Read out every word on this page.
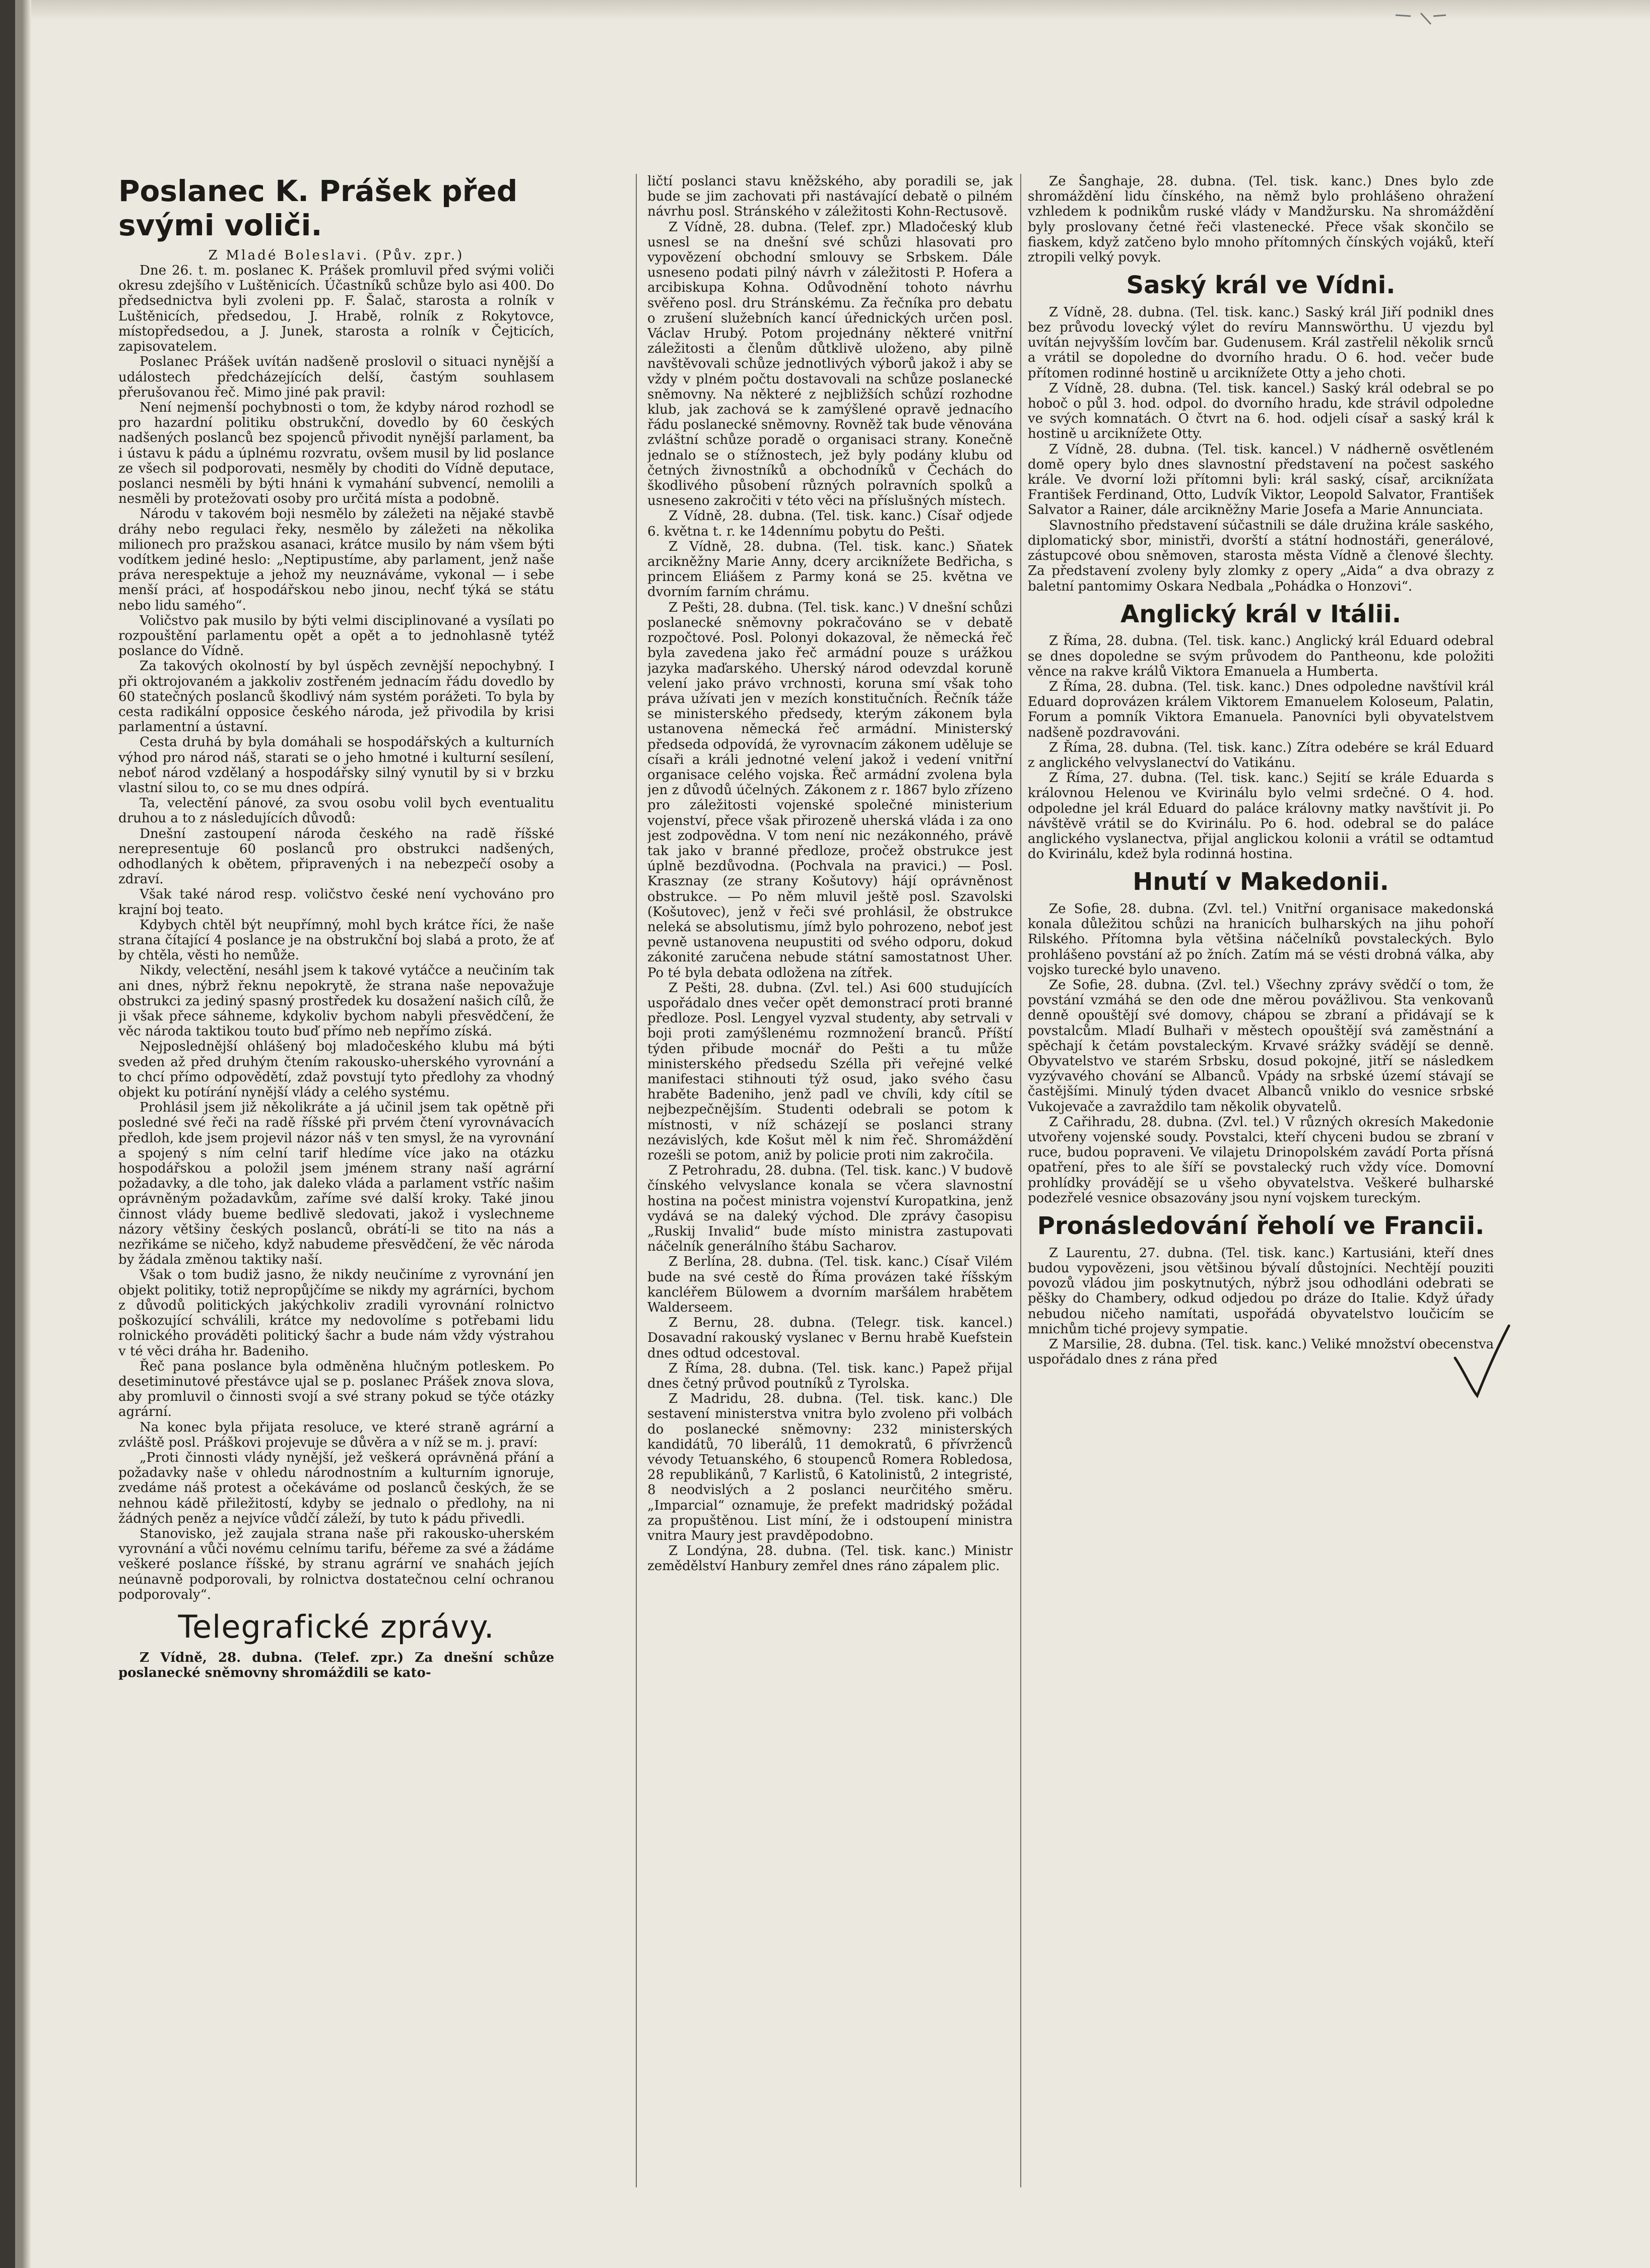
Poslanec K. Prášek před svými voliči.

Z Mladé Boleslavi. (Pův. zpr.)

Dne 26. t. m. poslanec K. Prášek promluvil před svými voliči okresu zdejšího v Luštěnicích. Účastníků schůze bylo asi 400. Do předsednictva byli zvoleni pp. F. Šalač, starosta a rolník v Luštěnicích, předsedou, J. Hrabě, rolník z Rokytovce, místopředsedou, a J. Junek, starosta a rolník v Čejticích, zapisovatelem.

Poslanec Prášek uvítán nadšeně proslovil o situaci nynější a událostech předcházejících delší, častým souhlasem přerušovanou řeč. Mimo jiné pak pravil:

Není nejmenší pochybnosti o tom, že kdyby národ rozhodl se pro hazardní politiku obstrukční, dovedlo by 60 českých nadšených poslanců bez spojenců přivodit nynější parlament, ba i ústavu k pádu a úplnému rozvratu, ovšem musil by lid poslance ze všech sil podporovati, nesměly by choditi do Vídně deputace, poslanci nesměli by býti hnáni k vymahání subvencí, nemolili a nesměli by protežovati osoby pro určitá místa a podobně.

Národu v takovém boji nesmělo by záležeti na nějaké stavbě dráhy nebo regulaci řeky, nesmělo by záležeti na několika milionech pro pražskou asanaci, krátce musilo by nám všem býti vodítkem jediné heslo: „Neptipustíme, aby parlament, jenž naše práva nerespektuje a jehož my neuznáváme, vykonal — i sebe menší práci, ať hospodářskou nebo jinou, nechť týká se státu nebo lidu samého“.

Voličstvo pak musilo by býti velmi disciplinované a vysílati po rozpouštění parlamentu opět a opět a to jednohlasně tytéž poslance do Vídně.

Za takových okolností by byl úspěch zevnější nepochybný. I při oktrojovaném a jakkoliv zostřeném jednacím řádu dovedlo by 60 statečných poslanců škodlivý nám systém porážeti. To byla by cesta radikální opposice českého národa, jež přivodila by krisi parlamentní a ústavní.

Cesta druhá by byla domáhali se hospodářských a kulturních výhod pro národ náš, starati se o jeho hmotné i kulturní sesílení, neboť národ vzdělaný a hospodářsky silný vynutil by si v brzku vlastní silou to, co se mu dnes odpírá.

Ta, velectění pánové, za svou osobu volil bych eventualitu druhou a to z následujících důvodů:

Dnešní zastoupení národa českého na radě říšské nerepresentuje 60 poslanců pro obstrukci nadšených, odhodlaných k obětem, připravených i na nebezpečí osoby a zdraví.

Však také národ resp. voličstvo české není vychováno pro krajní boj teato.

Kdybych chtěl být neupřímný, mohl bych krátce říci, že naše strana čítající 4 poslance je na obstrukční boj slabá a proto, že ať by chtěla, věsti ho nemůže.

Nikdy, velectění, nesáhl jsem k takové vytáčce a neučiním tak ani dnes, nýbrž řeknu nepokrytě, že strana naše nepovažuje obstrukci za jediný spasný prostředek ku dosažení našich cílů, že ji však přece sáhneme, kdykoliv bychom nabyli přesvědčení, že věc národa taktikou touto buď přímo neb nepřímo získá.

Nejposlednější ohlášený boj mladočeského klubu má býti sveden až před druhým čtením rakousko-uherského vyrovnání a to chcí přímo odpovědětí, zdaž povstují tyto předlohy za vhodný objekt ku potírání nynější vlády a celého systému.

Prohlásil jsem již několikráte a já učinil jsem tak opětně při posledné své řeči na radě říšské při prvém čtení vyrovnávacích předloh, kde jsem projevil názor náš v ten smysl, že na vyrovnání a spojený s ním celní tarif hledíme více jako na otázku hospodářskou a položil jsem jménem strany naší agrární požadavky, a dle toho, jak daleko vláda a parlament vstříc našim oprávněným požadavkům, zaříme své další kroky. Také jinou činnost vlády bueme bedlivě sledovati, jakož i vyslechneme názory většiny českých poslanců, obrátí-li se tito na nás a nezřikáme se ničeho, když nabudeme přesvědčení, že věc národa by žádala změnou taktiky naší.

Však o tom budiž jasno, že nikdy neučiníme z vyrovnání jen objekt politiky, totiž nepropůjčíme se nikdy my agrárníci, bychom z důvodů politických jakýchkoliv zradili vyrovnání rolnictvo poškozující schválili, krátce my nedovolíme s potřebami lidu rolnického prováděti politický šachr a bude nám vždy výstrahou v té věci dráha hr. Badeniho.

Řeč pana poslance byla odměněna hlučným potleskem. Po desetiminutové přestávce ujal se p. poslanec Prášek znova slova, aby promluvil o činnosti svojí a své strany pokud se týče otázky agrární.

Na konec byla přijata resoluce, ve které straně agrární a zvláště posl. Práškovi projevuje se důvěra a v níž se m. j. praví:

„Proti činnosti vlády nynější, jež veškerá oprávněná přání a požadavky naše v ohledu národnostním a kulturním ignoruje, zvedáme náš protest a očekáváme od poslanců českých, že se nehnou kádě přiležitostí, kdyby se jednalo o předlohy, na ni žádných peněz a nejvíce vůdčí záleží, by tuto k pádu přivedli.

Stanovisko, jež zaujala strana naše při rakousko-uherském vyrovnání a vůči novému celnímu tarifu, béřeme za své a žádáme veškeré poslance říšské, by stranu agrární ve snahách jejích neúnavně podporovali, by rolnictva dostatečnou celní ochranou podporovaly“.

Telegrafické zprávy.

Z Vídně, 28. dubna. (Telef. zpr.) Za dnešní schůze poslanecké sněmovny shromáždili se kato-

ličtí poslanci stavu kněžského, aby poradili se, jak bude se jim zachovati při nastávající debatě o pilném návrhu posl. Stránského v záležitosti Kohn-Rectusově.

Z Vídně, 28. dubna. (Telef. zpr.) Mladočeský klub usnesl se na dnešní své schůzi hlasovati pro vypovězení obchodní smlouvy se Srbskem. Dále usneseno podati pilný návrh v záležitosti P. Hofera a arcibiskupa Kohna. Odůvodnění tohoto návrhu svěřeno posl. dru Stránskému. Za řečníka pro debatu o zrušení služebních kancí úřednických určen posl. Václav Hrubý. Potom projednány některé vnitřní záležitosti a členům důtklivě uloženo, aby pilně navštěvovali schůze jednotlivých výborů jakož i aby se vždy v plném počtu dostavovali na schůze poslanecké sněmovny. Na některé z nejbližších schůzí rozhodne klub, jak zachová se k zamýšlené opravě jednacího řádu poslanecké sněmovny. Rovněž tak bude věnována zvláštní schůze poradě o organisaci strany. Konečně jednalo se o stížnostech, jež byly podány klubu od četných živnostníků a obchodníků v Čechách do škodlivého působení různých polravních spolků a usneseno zakročiti v této věci na příslušných místech.

Z Vídně, 28. dubna. (Tel. tisk. kanc.) Císař odjede 6. května t. r. ke 14dennímu pobytu do Pešti.

Z Vídně, 28. dubna. (Tel. tisk. kanc.) Sňatek arcikněžny Marie Anny, dcery arciknížete Bedřicha, s princem Eliášem z Parmy koná se 25. května ve dvorním farním chrámu.

Z Pešti, 28. dubna. (Tel. tisk. kanc.) V dnešní schůzi poslanecké sněmovny pokračováno se v debatě rozpočtové. Posl. Polonyi dokazoval, že německá řeč byla zavedena jako řeč armádní pouze s urážkou jazyka maďarského. Uherský národ odevzdal koruně velení jako právo vrchnosti, koruna smí však toho práva užívati jen v mezích konstitučních. Řečník táže se ministerského předsedy, kterým zákonem byla ustanovena německá řeč armádní. Ministerský předseda odpovídá, že vyrovnacím zákonem uděluje se císaři a králi jednotné velení jakož i vedení vnitřní organisace celého vojska. Řeč armádní zvolena byla jen z důvodů účelných. Zákonem z r. 1867 bylo zřízeno pro záležitosti vojenské společné ministerium vojenství, přece však přirozeně uherská vláda i za ono jest zodpovědna. V tom není nic nezákonného, právě tak jako v branné předloze, pročež obstrukce jest úplně bezdůvodna. (Pochvala na pravici.) — Posl. Krasznay (ze strany Košutovy) hájí oprávněnost obstrukce. — Po něm mluvil ještě posl. Szavolski (Košutovec), jenž v řeči své prohlásil, že obstrukce neleká se absolutismu, jímž bylo pohrozeno, neboť jest pevně ustanovena neupustiti od svého odporu, dokud zákonité zaručena nebude státní samostatnost Uher. Po té byla debata odložena na zítřek.

Z Pešti, 28. dubna. (Zvl. tel.) Asi 600 studujících uspořádalo dnes večer opět demonstrací proti branné předloze. Posl. Lengyel vyzval studenty, aby setrvali v boji proti zamýšlenému rozmnožení branců. Příští týden přibude mocnář do Pešti a tu může ministerského předsedu Szélla při veřejné velké manifestaci stihnouti týž osud, jako svého času hraběte Badeniho, jenž padl ve chvíli, kdy cítil se nejbezpečnějším. Studenti odebrali se potom k místnosti, v níž scházejí se poslanci strany nezávislých, kde Košut měl k nim řeč. Shromáždění rozešli se potom, aniž by policie proti nim zakročila.

Z Petrohradu, 28. dubna. (Tel. tisk. kanc.) V budově čínského velvyslance konala se včera slavnostní hostina na počest ministra vojenství Kuropatkina, jenž vydává se na daleký východ. Dle zprávy časopisu „Ruskij Invalid“ bude místo ministra zastupovati náčelník generálního štábu Sacharov.

Z Berlína, 28. dubna. (Tel. tisk. kanc.) Císař Vilém bude na své cestě do Říma provázen také říšským kancléřem Bülowem a dvorním maršálem hrabětem Walderseem.

Z Bernu, 28. dubna. (Telegr. tisk. kancel.) Dosavadní rakouský vyslanec v Bernu hrabě Kuefstein dnes odtud odcestoval.

Z Říma, 28. dubna. (Tel. tisk. kanc.) Papež přijal dnes četný průvod poutníků z Tyrolska.

Z Madridu, 28. dubna. (Tel. tisk. kanc.) Dle sestavení ministerstva vnitra bylo zvoleno při volbách do poslanecké sněmovny: 232 ministerských kandidátů, 70 liberálů, 11 demokratů, 6 přívrženců vévody Tetuanského, 6 stoupenců Romera Robledosa, 28 republikánů, 7 Karlistů, 6 Katolinistů, 2 integristé, 8 neodvislých a 2 poslanci neurčitého směru. „Imparcial“ oznamuje, že prefekt madridský požádal za propuštěnou. List míní, že i odstoupení ministra vnitra Maury jest pravděpodobno.

Z Londýna, 28. dubna. (Tel. tisk. kanc.) Ministr zemědělství Hanbury zemřel dnes ráno zápalem plic.

Ze Šanghaje, 28. dubna. (Tel. tisk. kanc.) Dnes bylo zde shromáždění lidu čínského, na němž bylo prohlášeno ohražení vzhledem k podnikům ruské vlády v Mandžursku. Na shromáždění byly proslovany četné řeči vlastenecké. Přece však skončilo se fiaskem, když zatčeno bylo mnoho přítomných čínských vojáků, kteří ztropili velký povyk.

Saský král ve Vídni.

Z Vídně, 28. dubna. (Tel. tisk. kanc.) Saský král Jiří podnikl dnes bez průvodu lovecký výlet do revíru Mannswörthu. U vjezdu byl uvítán nejvyšším lovčím bar. Gudenusem. Král zastřelil několik srnců a vrátil se dopoledne do dvorního hradu. O 6. hod. večer bude přítomen rodinné hostině u arciknížete Otty a jeho choti.

Z Vídně, 28. dubna. (Tel. tisk. kancel.) Saský král odebral se po hoboč o půl 3. hod. odpol. do dvorního hradu, kde strávil odpoledne ve svých komnatách. O čtvrt na 6. hod. odjeli císař a saský král k hostině u arciknížete Otty.

Z Vídně, 28. dubna. (Tel. tisk. kancel.) V nádherně osvětleném domě opery bylo dnes slavnostní představení na počest saského krále. Ve dvorní loži přítomni byli: král saský, císař, arciknížata František Ferdinand, Otto, Ludvík Viktor, Leopold Salvator, František Salvator a Rainer, dále arcikněžny Marie Josefa a Marie Annunciata.

Slavnostního představení súčastnili se dále družina krále saského, diplomatický sbor, ministři, dvorští a státní hodnostáři, generálové, zástupcové obou sněmoven, starosta města Vídně a členové šlechty. Za představení zvoleny byly zlomky z opery „Aida“ a dva obrazy z baletní pantomimy Oskara Nedbala „Pohádka o Honzovi“.

Anglický král v Itálii.

Z Říma, 28. dubna. (Tel. tisk. kanc.) Anglický král Eduard odebral se dnes dopoledne se svým průvodem do Pantheonu, kde položiti věnce na rakve králů Viktora Emanuela a Humberta.

Z Říma, 28. dubna. (Tel. tisk. kanc.) Dnes odpoledne navštívil král Eduard doprovázen králem Viktorem Emanuelem Koloseum, Palatin, Forum a pomník Viktora Emanuela. Panovníci byli obyvatelstvem nadšeně pozdravováni.

Z Říma, 28. dubna. (Tel. tisk. kanc.) Zítra odebére se král Eduard z anglického velvyslanectví do Vatikánu.

Z Říma, 27. dubna. (Tel. tisk. kanc.) Sejití se krále Eduarda s královnou Helenou ve Kvirinálu bylo velmi srdečné. O 4. hod. odpoledne jel král Eduard do paláce královny matky navštívit ji. Po návštěvě vrátil se do Kvirinálu. Po 6. hod. odebral se do paláce anglického vyslanectva, přijal anglickou kolonii a vrátil se odtamtud do Kvirinálu, kdež byla rodinná hostina.

Hnutí v Makedonii.

Ze Sofie, 28. dubna. (Zvl. tel.) Vnitřní organisace makedonská konala důležitou schůzi na hranicích bulharských na jihu pohoří Rilského. Přítomna byla většina náčelníků povstaleckých. Bylo prohlášeno povstání až po žních. Zatím má se vésti drobná válka, aby vojsko turecké bylo unaveno.

Ze Sofie, 28. dubna. (Zvl. tel.) Všechny zprávy svědčí o tom, že povstání vzmáhá se den ode dne měrou povážlivou. Sta venkovanů denně opouštějí své domovy, chápou se zbraní a přidávají se k povstalcům. Mladí Bulhaři v městech opouštějí svá zaměstnání a spěchají k četám povstaleckým. Krvavé srážky svádějí se denně. Obyvatelstvo ve starém Srbsku, dosud pokojné, jitří se následkem vyzývavého chování se Albanců. Vpády na srbské území stávají se častějšími. Minulý týden dvacet Albanců vniklo do vesnice srbské Vukojevače a zavraždilo tam několik obyvatelů.

Z Cařihradu, 28. dubna. (Zvl. tel.) V různých okresích Makedonie utvořeny vojenské soudy. Povstalci, kteří chyceni budou se zbraní v ruce, budou popraveni. Ve vilajetu Drinopolském zavádí Porta přísná opatření, přes to ale šíří se povstalecký ruch vždy více. Domovní prohlídky provádějí se u všeho obyvatelstva. Veškeré bulharské podezřelé vesnice obsazovány jsou nyní vojskem tureckým.

Pronásledování řeholí ve Francii.

Z Laurentu, 27. dubna. (Tel. tisk. kanc.) Kartusiáni, kteří dnes budou vypovězeni, jsou většinou bývalí důstojníci. Nechtějí pouziti povozů vládou jim poskytnutých, nýbrž jsou odhodláni odebrati se pěšky do Chambery, odkud odjedou po dráze do Italie. Když úřady nebudou ničeho namítati, uspořádá obyvatelstvo loučicím se mnichům tiché projevy sympatie.

Z Marsilie, 28. dubna. (Tel. tisk. kanc.) Veliké množství obecenstva uspořádalo dnes z rána před
